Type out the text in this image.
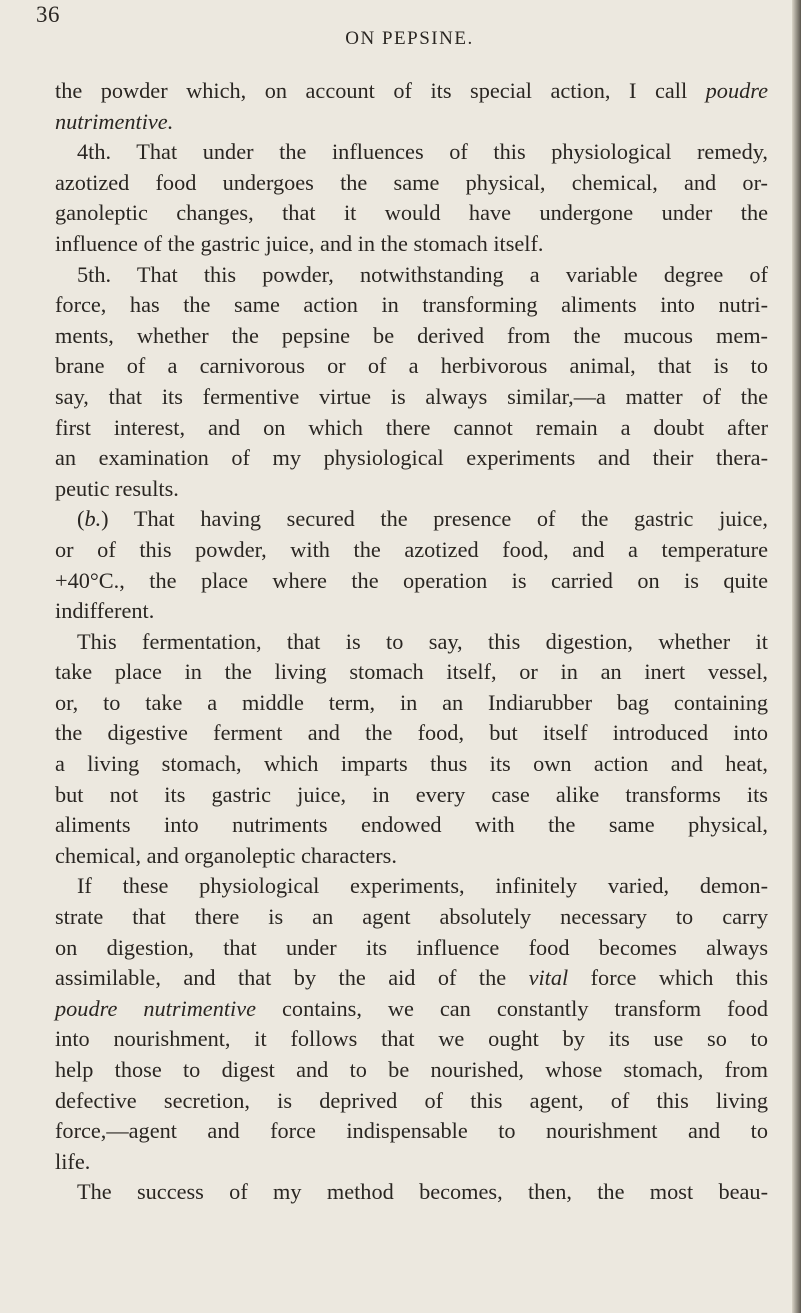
36
ON PEPSINE.

the powder which, on account of its special action, I call poudre

nutrimentive.

4th. That under the influences of this physiological remedy,

azotized food undergoes the same physical, chemical, and or-

ganoleptic changes, that it would have undergone under the

influence of the gastric juice, and in the stomach itself.

5th. That this powder, notwithstanding a variable degree of

force, has the same action in transforming aliments into nutri-

ments, whether the pepsine be derived from the mucous mem-

brane of a carnivorous or of a herbivorous animal, that is to

say, that its fermentive virtue is always similar,—a matter of the

first interest, and on which there cannot remain a doubt after

an examination of my physiological experiments and their thera-

peutic results.

(b.) That having secured the presence of the gastric juice,

or of this powder, with the azotized food, and a temperature

+40°C., the place where the operation is carried on is quite

indifferent.

This fermentation, that is to say, this digestion, whether it

take place in the living stomach itself, or in an inert vessel,

or, to take a middle term, in an Indiarubber bag containing

the digestive ferment and the food, but itself introduced into

a living stomach, which imparts thus its own action and heat,

but not its gastric juice, in every case alike transforms its

aliments into nutriments endowed with the same physical,

chemical, and organoleptic characters.

If these physiological experiments, infinitely varied, demon-

strate that there is an agent absolutely necessary to carry

on digestion, that under its influence food becomes always

assimilable, and that by the aid of the vital force which this

poudre nutrimentive contains, we can constantly transform food

into nourishment, it follows that we ought by its use so to

help those to digest and to be nourished, whose stomach, from

defective secretion, is deprived of this agent, of this living

force,—agent and force indispensable to nourishment and to

life.

The success of my method becomes, then, the most beau-
